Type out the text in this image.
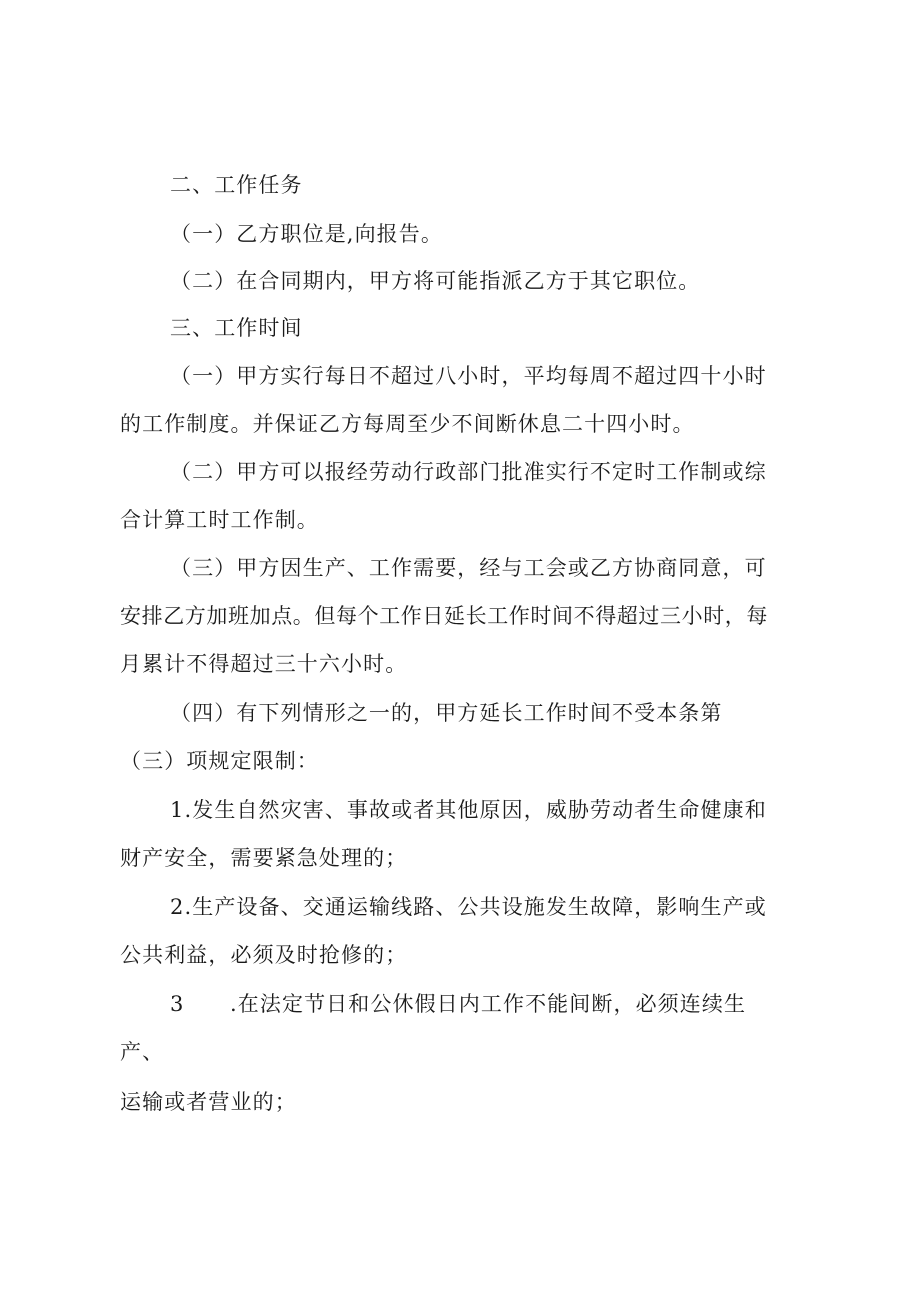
二、工作任务
（一）乙方职位是,向报告。
（二）在合同期内，甲方将可能指派乙方于其它职位。
三、工作时间
（一）甲方实行每日不超过八小时，平均每周不超过四十小时
的工作制度。并保证乙方每周至少不间断休息二十四小时。
（二）甲方可以报经劳动行政部门批准实行不定时工作制或综
合计算工时工作制。
（三）甲方因生产、工作需要，经与工会或乙方协商同意，可
安排乙方加班加点。但每个工作日延长工作时间不得超过三小时，每
月累计不得超过三十六小时。
（四）有下列情形之一的，甲方延长工作时间不受本条第
（三）项规定限制：
1.发生自然灾害、事故或者其他原因，威胁劳动者生命健康和
财产安全，需要紧急处理的；
2.生产设备、交通运输线路、公共设施发生故障，影响生产或
公共利益，必须及时抢修的；
3 .在法定节日和公休假日内工作不能间断，必须连续生
产、
运输或者营业的；
